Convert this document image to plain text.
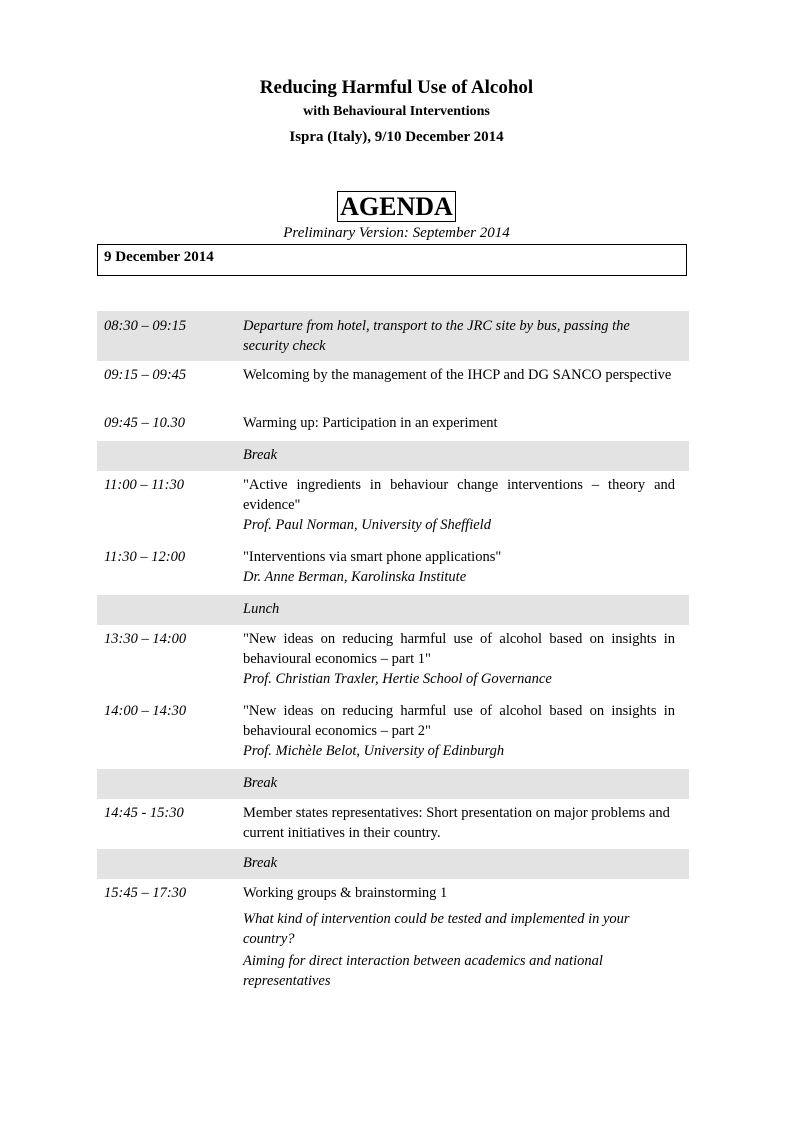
Reducing Harmful Use of Alcohol
with Behavioural Interventions
Ispra (Italy), 9/10 December 2014
AGENDA
Preliminary Version: September 2014
9 December 2014
08:30 – 09:15	Departure from hotel, transport to the JRC site by bus, passing the security check

09:15 – 09:45	Welcoming by the management of the IHCP and DG SANCO perspective

09:45 – 10.30	Warming up: Participation in an experiment

Break

11:00 – 11:30	"Active ingredients in behaviour change interventions – theory and evidence"

Prof. Paul Norman, University of Sheffield

11:30 – 12:00	"Interventions via smart phone applications"

Dr. Anne Berman, Karolinska Institute

Lunch

13:30 – 14:00	"New ideas on reducing harmful use of alcohol based on insights in behavioural economics – part 1"

Prof. Christian Traxler, Hertie School of Governance

14:00 – 14:30	"New ideas on reducing harmful use of alcohol based on insights in behavioural economics – part 2"

Prof. Michèle Belot, University of Edinburgh

Break

14:45 - 15:30	Member states representatives: Short presentation on major problems and current initiatives in their country.

Break

15:45 – 17:30	Working groups & brainstorming 1

What kind of intervention could be tested and implemented in your country?

Aiming for direct interaction between academics and national representatives
